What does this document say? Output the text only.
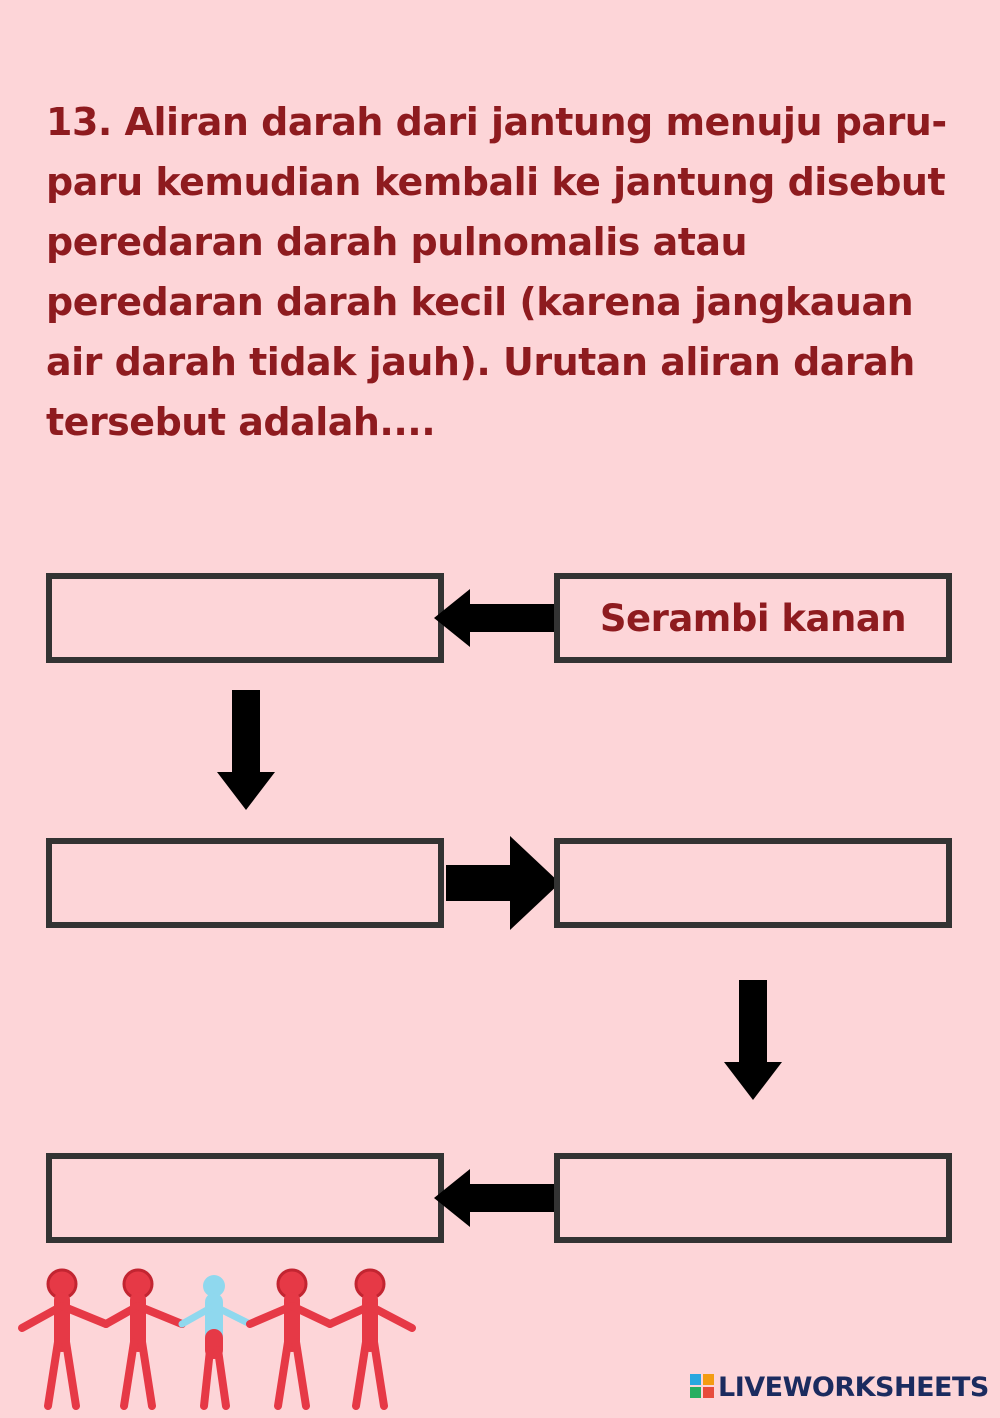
13. Aliran darah dari jantung menuju paru-
paru kemudian kembali ke jantung disebut
peredaran darah pulnomalis atau
peredaran darah kecil (karena jangkauan
air darah tidak jauh). Urutan aliran darah
tersebut adalah....
Serambi kanan
LIVEWORKSHEETS
